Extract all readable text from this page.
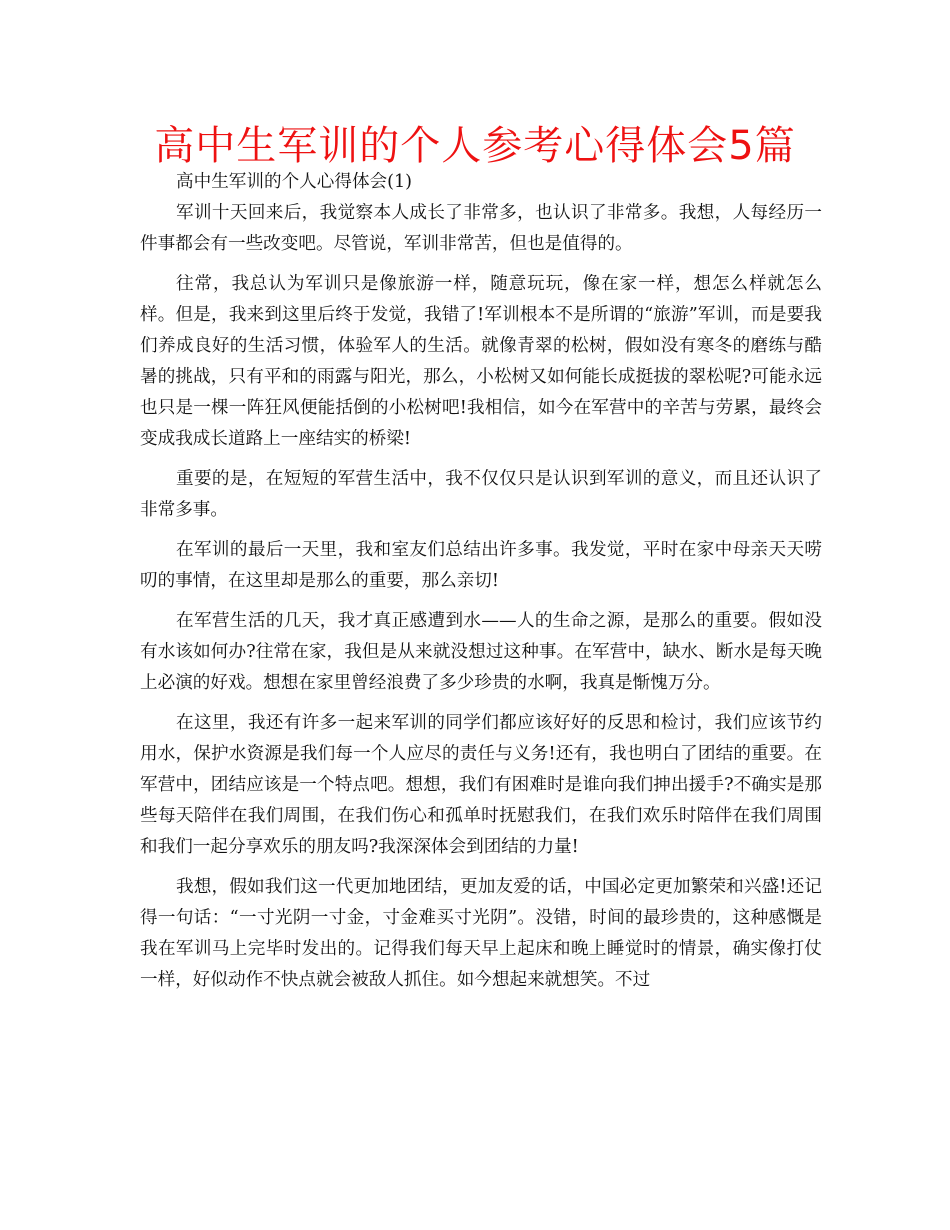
高中生军训的个人参考心得体会5篇

高中生军训的个人心得体会(1)

军训十天回来后，我觉察本人成长了非常多，也认识了非常多。我想，人每经历一件事都会有一些改变吧。尽管说，军训非常苦，但也是值得的。

往常，我总认为军训只是像旅游一样，随意玩玩，像在家一样，想怎么样就怎么样。但是，我来到这里后终于发觉，我错了!军训根本不是所谓的“旅游”军训，而是要我们养成良好的生活习惯，体验军人的生活。就像青翠的松树，假如没有寒冬的磨练与酷暑的挑战，只有平和的雨露与阳光，那么，小松树又如何能长成挺拔的翠松呢?可能永远也只是一棵一阵狂风便能括倒的小松树吧!我相信，如今在军营中的辛苦与劳累，最终会变成我成长道路上一座结实的桥梁!

重要的是，在短短的军营生活中，我不仅仅只是认识到军训的意义，而且还认识了非常多事。

在军训的最后一天里，我和室友们总结出许多事。我发觉，平时在家中母亲天天唠叨的事情，在这里却是那么的重要，那么亲切!

在军营生活的几天，我才真正感遭到水——人的生命之源，是那么的重要。假如没有水该如何办?往常在家，我但是从来就没想过这种事。在军营中，缺水、断水是每天晚上必演的好戏。想想在家里曾经浪费了多少珍贵的水啊，我真是惭愧万分。

在这里，我还有许多一起来军训的同学们都应该好好的反思和检讨，我们应该节约用水，保护水资源是我们每一个人应尽的责任与义务!还有，我也明白了团结的重要。在军营中，团结应该是一个特点吧。想想，我们有困难时是谁向我们抻出援手?不确实是那些每天陪伴在我们周围，在我们伤心和孤单时抚慰我们，在我们欢乐时陪伴在我们周围和我们一起分享欢乐的朋友吗?我深深体会到团结的力量!

我想，假如我们这一代更加地团结，更加友爱的话，中国必定更加繁荣和兴盛!还记得一句话：“一寸光阴一寸金，寸金难买寸光阴”。没错，时间的最珍贵的，这种感慨是我在军训马上完毕时发出的。记得我们每天早上起床和晚上睡觉时的情景，确实像打仗一样，好似动作不快点就会被敌人抓住。如今想起来就想笑。不过
